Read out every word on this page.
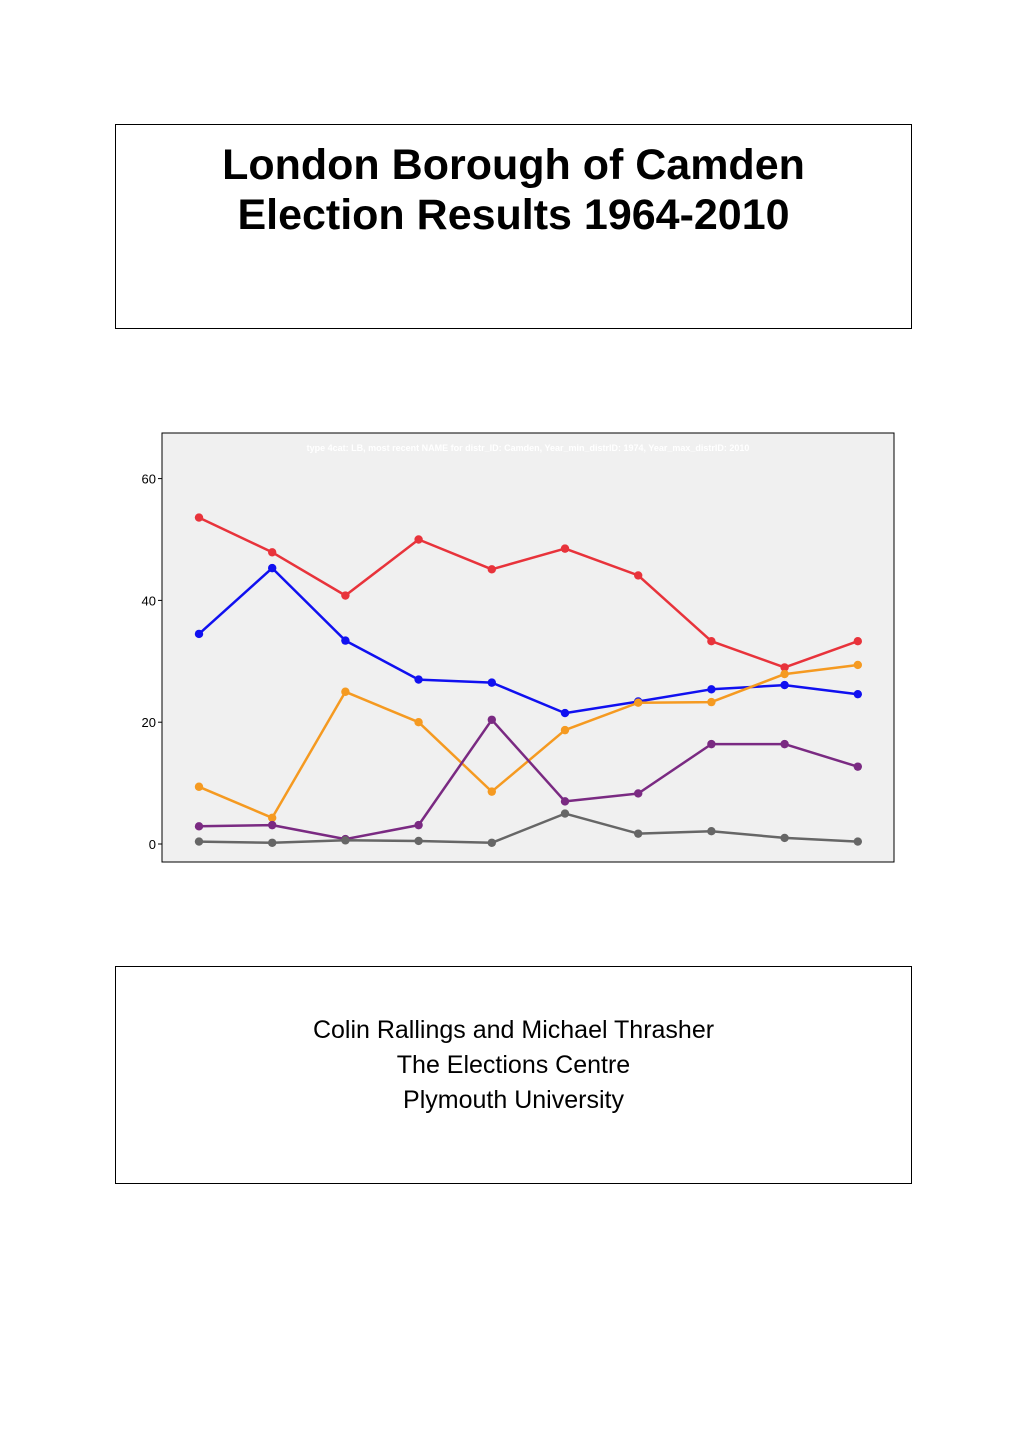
London Borough of Camden

Election Results 1964-2010

type 4cat: LB, most recent NAME for distr_ID: Camden, Year_min_distrID: 1974, Year_max_distrID: 2010
0
20
40
60

Colin Rallings and Michael Thrasher

The Elections Centre

Plymouth University
